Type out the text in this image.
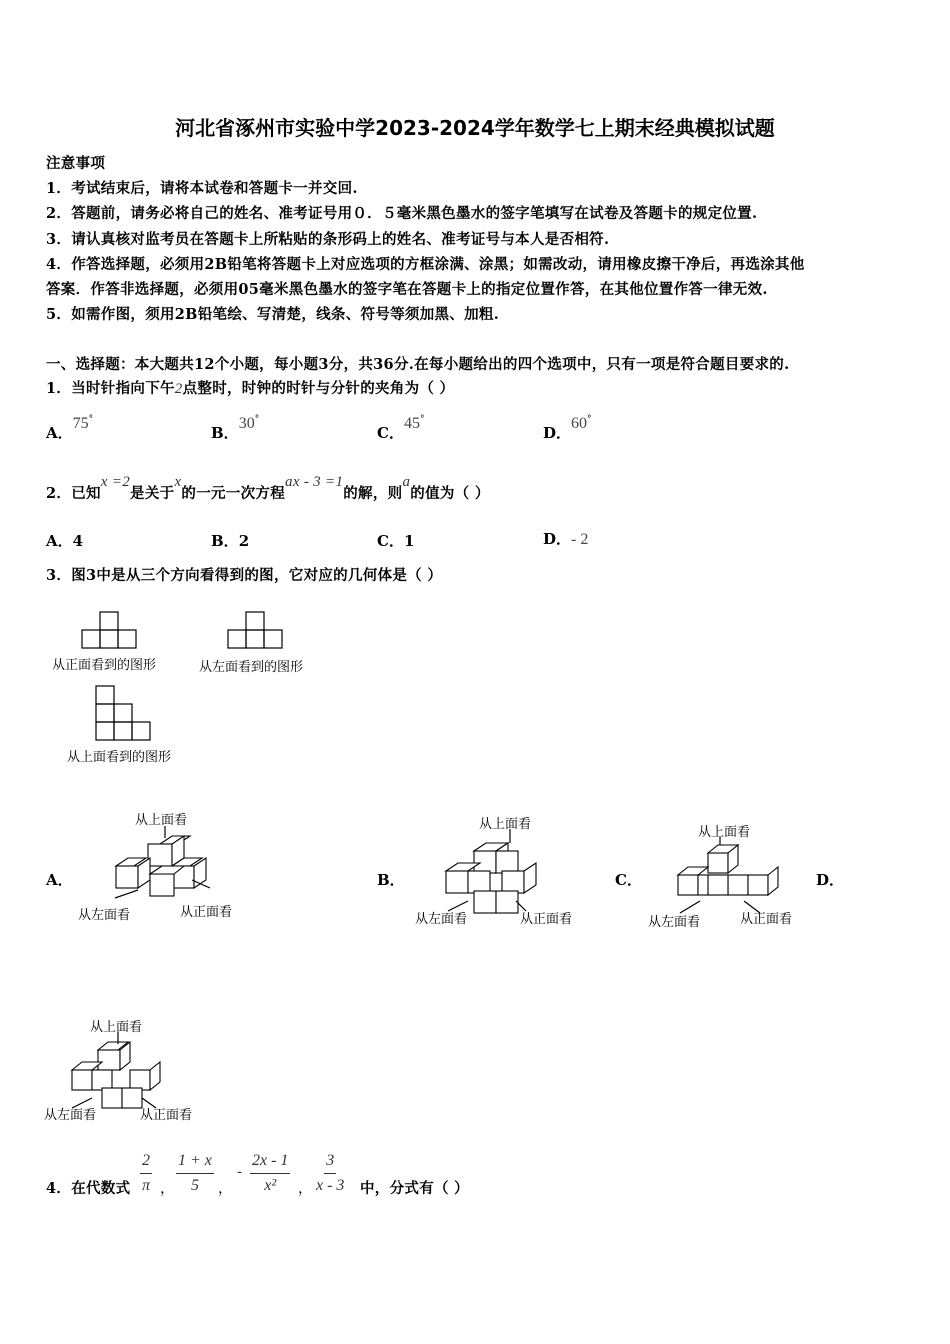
河北省涿州市实验中学2023-2024学年数学七上期末经典模拟试题
注意事项
1．考试结束后，请将本试卷和答题卡一并交回.
2．答题前，请务必将自己的姓名、准考证号用０．５毫米黑色墨水的签字笔填写在试卷及答题卡的规定位置.
3．请认真核对监考员在答题卡上所粘贴的条形码上的姓名、准考证号与本人是否相符.
4．作答选择题，必须用2B铅笔将答题卡上对应选项的方框涂满、涂黑；如需改动，请用橡皮擦干净后，再选涂其他
答案．作答非选择题，必须用05毫米黑色墨水的签字笔在答题卡上的指定位置作答，在其他位置作答一律无效.
5．如需作图，须用2B铅笔绘、写清楚，线条、符号等须加黑、加粗.
一、选择题：本大题共12个小题，每小题3分，共36分.在每小题给出的四个选项中，只有一项是符合题目要求的.
1．当时针指向下午2点整时，时钟的时针与分针的夹角为（ ）
A．75°
B．30°
C．45°
D．60°
2．已知x =2是关于x的一元一次方程ax - 3 =1的解，则a的值为（ ）
A．4	B．2	C．1	D．- 2
3．图3中是从三个方向看得到的图，它对应的几何体是（ ）
从正面看到的图形	从左面看到的图形
从上面看到的图形
A．	B．	C．	D．
从上面看
从左面看	从正面看
从上面看
从左面看	从正面看
从上面看
从左面看	从正面看
从上面看
从左面看	从正面看
4．在代数式 $\frac{2}{\pi}$ ， $\frac{1 + x}{5}$ ，
- $\frac{2x - 1}{\text{x²}}$ ， $\frac{3}{x - 3}$ 中，分式有（ ）
